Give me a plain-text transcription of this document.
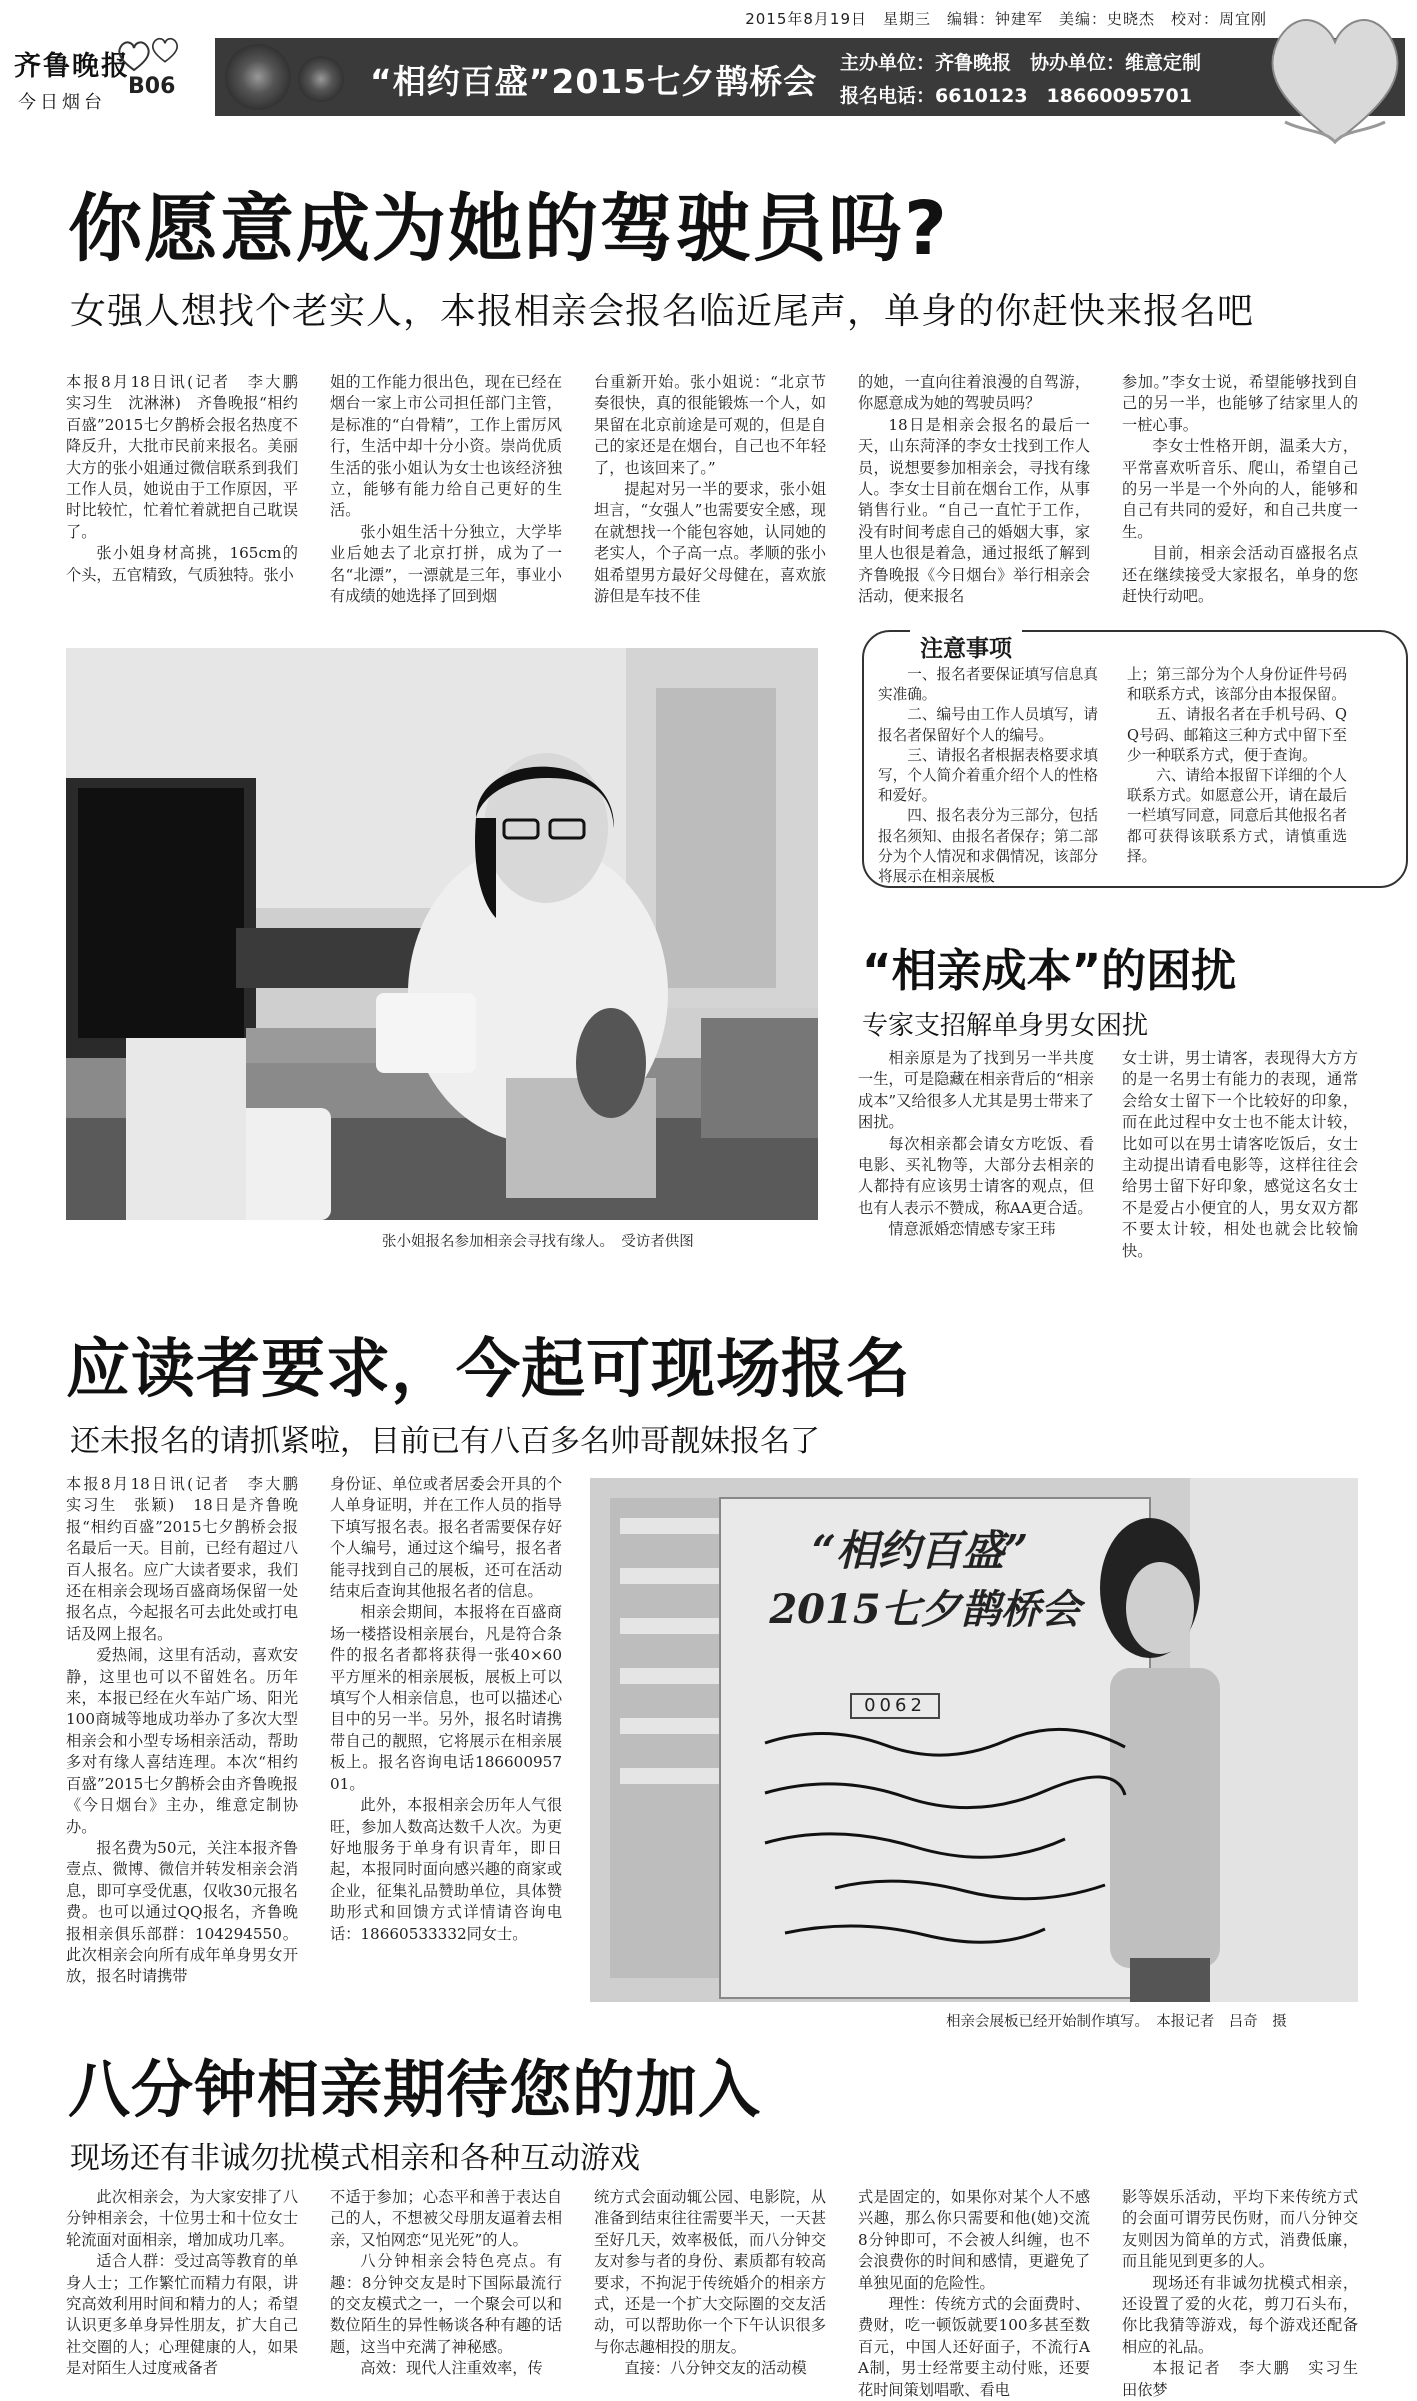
2015年8月19日　星期三　编辑：钟建军　美编：史晓杰　校对：周宜刚
齐鲁晚报
今日烟台
B06	“相约百盛”2015七夕鹊桥会 主办单位：齐鲁晚报　协办单位：维意定制
报名电话：6610123　18660095701
你愿意成为她的驾驶员吗?
女强人想找个老实人，本报相亲会报名临近尾声，单身的你赶快来报名吧

本报8月18日讯(记者　李大鹏　实习生　沈淋淋)　齐鲁晚报“相约百盛”2015七夕鹊桥会报名热度不降反升，大批市民前来报名。美丽大方的张小姐通过微信联系到我们工作人员，她说由于工作原因，平时比较忙，忙着忙着就把自己耽误了。

张小姐身材高挑，165cm的个头，五官精致，气质独特。张小

姐的工作能力很出色，现在已经在烟台一家上市公司担任部门主管，是标准的“白骨精”，工作上雷厉风行，生活中却十分小资。崇尚优质生活的张小姐认为女士也该经济独立，能够有能力给自己更好的生活。

张小姐生活十分独立，大学毕业后她去了北京打拼，成为了一名“北漂”，一漂就是三年，事业小有成绩的她选择了回到烟

台重新开始。张小姐说：“北京节奏很快，真的很能锻炼一个人，如果留在北京前途是可观的，但是自己的家还是在烟台，自己也不年轻了，也该回来了。”

提起对另一半的要求，张小姐坦言，“女强人”也需要安全感，现在就想找一个能包容她，认同她的老实人，个子高一点。孝顺的张小姐希望男方最好父母健在，喜欢旅游但是车技不佳

的她，一直向往着浪漫的自驾游，你愿意成为她的驾驶员吗？

18日是相亲会报名的最后一天，山东菏泽的李女士找到工作人员，说想要参加相亲会，寻找有缘人。李女士目前在烟台工作，从事销售行业。“自己一直忙于工作，没有时间考虑自己的婚姻大事，家里人也很是着急，通过报纸了解到齐鲁晚报《今日烟台》举行相亲会活动，便来报名

参加。”李女士说，希望能够找到自己的另一半，也能够了结家里人的一桩心事。

李女士性格开朗，温柔大方，平常喜欢听音乐、爬山，希望自己的另一半是一个外向的人，能够和自己有共同的爱好，和自己共度一生。

目前，相亲会活动百盛报名点还在继续接受大家报名，单身的您赶快行动吧。

张小姐报名参加相亲会寻找有缘人。　受访者供图
注意事项

一、报名者要保证填写信息真实准确。

二、编号由工作人员填写，请报名者保留好个人的编号。

三、请报名者根据表格要求填写，个人简介着重介绍个人的性格和爱好。

四、报名表分为三部分，包括报名须知、由报名者保存；第二部分为个人情况和求偶情况，该部分将展示在相亲展板

上；第三部分为个人身份证件号码和联系方式，该部分由本报保留。

五、请报名者在手机号码、QQ号码、邮箱这三种方式中留下至少一种联系方式，便于查询。

六、请给本报留下详细的个人联系方式。如愿意公开，请在最后一栏填写同意，同意后其他报名者都可获得该联系方式，请慎重选择。

“相亲成本”的困扰
专家支招解单身男女困扰

相亲原是为了找到另一半共度一生，可是隐藏在相亲背后的“相亲成本”又给很多人尤其是男士带来了困扰。

每次相亲都会请女方吃饭、看电影、买礼物等，大部分去相亲的人都持有应该男士请客的观点，但也有人表示不赞成，称AA更合适。

情意派婚恋情感专家王玮

女士讲，男士请客，表现得大方方的是一名男士有能力的表现，通常会给女士留下一个比较好的印象，而在此过程中女士也不能太计较，比如可以在男士请客吃饭后，女士主动提出请看电影等，这样往往会给男士留下好印象，感觉这名女士不是爱占小便宜的人，男女双方都不要太计较，相处也就会比较愉快。

应读者要求，今起可现场报名
还未报名的请抓紧啦，目前已有八百多名帅哥靓妹报名了

本报8月18日讯(记者　李大鹏　实习生　张颖)　18日是齐鲁晚报“相约百盛”2015七夕鹊桥会报名最后一天。目前，已经有超过八百人报名。应广大读者要求，我们还在相亲会现场百盛商场保留一处报名点，今起报名可去此处或打电话及网上报名。

爱热闹，这里有活动，喜欢安静，这里也可以不留姓名。历年来，本报已经在火车站广场、阳光100商城等地成功举办了多次大型相亲会和小型专场相亲活动，帮助多对有缘人喜结连理。本次“相约百盛”2015七夕鹊桥会由齐鲁晚报《今日烟台》主办，维意定制协办。

报名费为50元，关注本报齐鲁壹点、微博、微信并转发相亲会消息，即可享受优惠，仅收30元报名费。也可以通过QQ报名，齐鲁晚报相亲俱乐部群：104294550。此次相亲会向所有成年单身男女开放，报名时请携带

身份证、单位或者居委会开具的个人单身证明，并在工作人员的指导下填写报名表。报名者需要保存好个人编号，通过这个编号，报名者能寻找到自己的展板，还可在活动结束后查询其他报名者的信息。

相亲会期间，本报将在百盛商场一楼搭设相亲展台，凡是符合条件的报名者都将获得一张40×60平方厘米的相亲展板，展板上可以填写个人相亲信息，也可以描述心目中的另一半。另外，报名时请携带自己的靓照，它将展示在相亲展板上。报名咨询电话18660095701。

此外，本报相亲会历年人气很旺，参加人数高达数千人次。为更好地服务于单身有识青年，即日起，本报同时面向感兴趣的商家或企业，征集礼品赞助单位，具体赞助形式和回馈方式详情请咨询电话：18660533332同女士。

“相约百盛”
2015七夕鹊桥会
0062
相亲会展板已经开始制作填写。　本报记者　吕奇　摄
八分钟相亲期待您的加入
现场还有非诚勿扰模式相亲和各种互动游戏

此次相亲会，为大家安排了八分钟相亲会，十位男士和十位女士轮流面对面相亲，增加成功几率。

适合人群：受过高等教育的单身人士；工作繁忙而精力有限，讲究高效利用时间和精力的人；希望认识更多单身异性朋友，扩大自己社交圈的人；心理健康的人，如果是对陌生人过度戒备者

不适于参加；心态平和善于表达自己的人，不想被父母朋友逼着去相亲，又怕网恋“见光死”的人。

八分钟相亲会特色亮点。有趣：8分钟交友是时下国际最流行的交友模式之一，一个聚会可以和数位陌生的异性畅谈各种有趣的话题，这当中充满了神秘感。

高效：现代人注重效率，传

统方式会面动辄公园、电影院，从准备到结束往往需要半天，一天甚至好几天，效率极低，而八分钟交友对参与者的身份、素质都有较高要求，不拘泥于传统婚介的相亲方式，还是一个扩大交际圈的交友活动，可以帮助你一个下午认识很多与你志趣相投的朋友。

直接：八分钟交友的活动模

式是固定的，如果你对某个人不感兴趣，那么你只需要和他(她)交流8分钟即可，不会被人纠缠，也不会浪费你的时间和感情，更避免了单独见面的危险性。

理性：传统方式的会面费时、费财，吃一顿饭就要100多甚至数百元，中国人还好面子，不流行AA制，男士经常要主动付账，还要花时间策划唱歌、看电

影等娱乐活动，平均下来传统方式的会面可谓劳民伤财，而八分钟交友则因为简单的方式，消费低廉，而且能见到更多的人。

现场还有非诚勿扰模式相亲，还设置了爱的火花，剪刀石头布，你比我猜等游戏，每个游戏还配备相应的礼品。

本报记者　李大鹏　实习生　田依梦
